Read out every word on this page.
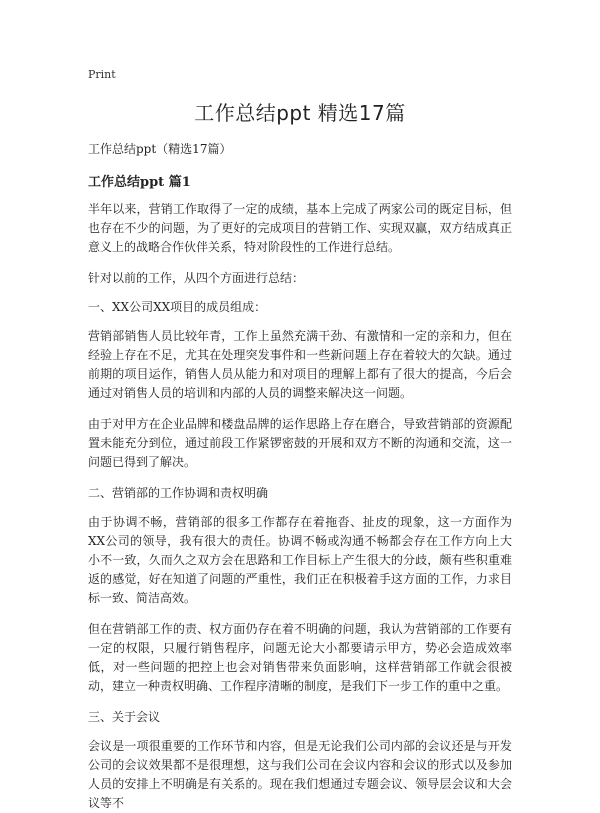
Print
工作总结ppt 精选17篇

工作总结ppt（精选17篇）

工作总结ppt 篇1

半年以来，营销工作取得了一定的成绩，基本上完成了两家公司的既定目标，但也存在不少的问题，为了更好的完成项目的营销工作、实现双赢，双方结成真正意义上的战略合作伙伴关系，特对阶段性的工作进行总结。

针对以前的工作，从四个方面进行总结：

一、XX公司XX项目的成员组成：

营销部销售人员比较年青，工作上虽然充满干劲、有激情和一定的亲和力，但在经验上存在不足，尤其在处理突发事件和一些新问题上存在着较大的欠缺。通过前期的项目运作，销售人员从能力和对项目的理解上都有了很大的提高，今后会通过对销售人员的培训和内部的人员的调整来解决这一问题。

由于对甲方在企业品牌和楼盘品牌的运作思路上存在磨合，导致营销部的资源配置未能充分到位，通过前段工作紧锣密鼓的开展和双方不断的沟通和交流，这一问题已得到了解决。

二、营销部的工作协调和责权明确

由于协调不畅，营销部的很多工作都存在着拖沓、扯皮的现象，这一方面作为XX公司的领导，我有很大的责任。协调不畅或沟通不畅都会存在工作方向上大小不一致，久而久之双方会在思路和工作目标上产生很大的分歧，颇有些积重难返的感觉，好在知道了问题的严重性，我们正在积极着手这方面的工作，力求目标一致、简洁高效。

但在营销部工作的责、权方面仍存在着不明确的问题，我认为营销部的工作要有一定的权限，只履行销售程序，问题无论大小都要请示甲方，势必会造成效率低，对一些问题的把控上也会对销售带来负面影响，这样营销部工作就会很被动，建立一种责权明确、工作程序清晰的制度，是我们下一步工作的重中之重。

三、关于会议

会议是一项很重要的工作环节和内容，但是无论我们公司内部的会议还是与开发公司的会议效果都不是很理想，这与我们公司在会议内容和会议的形式以及参加人员的安排上不明确是有关系的。现在我们想通过专题会议、领导层会议和大会议等不
